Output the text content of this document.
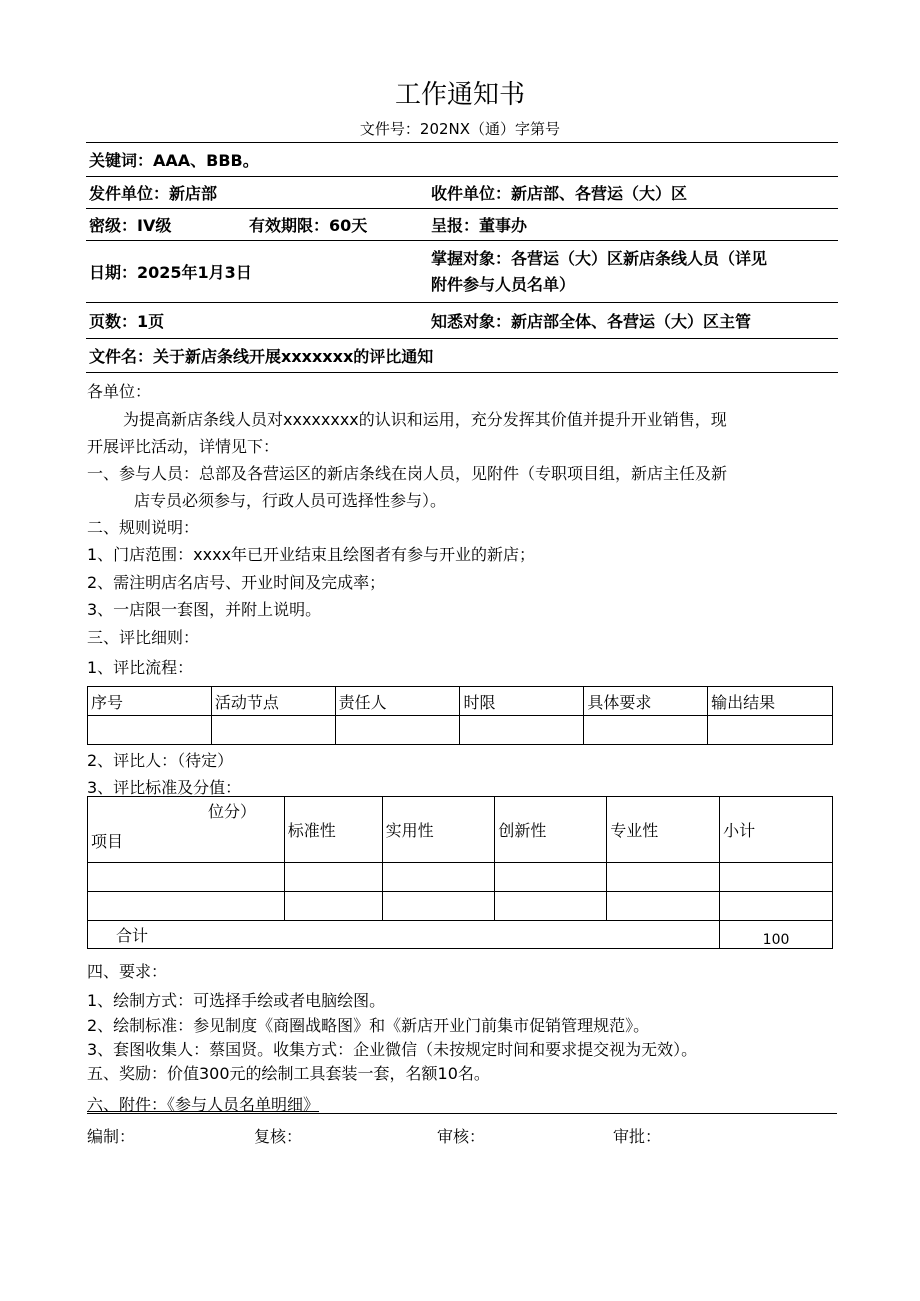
工作通知书
文件号：202NX（通）字第号
关键词：AAA、BBB。		
发件单位：新店部		收件单位：新店部、各营运（大）区
密级：IV级	有效期限：60天	呈报：董事办
日期：2025年1月3日		掌握对象：各营运（大）区新店条线人员（详见
附件参与人员名单）
页数：1页		知悉对象：新店部全体、各营运（大）区主管
文件名：关于新店条线开展xxxxxxx的评比通知		
各单位：
为提高新店条线人员对xxxxxxxx的认识和运用，充分发挥其价值并提升开业销售，现
开展评比活动，详情见下：
一、参与人员：总部及各营运区的新店条线在岗人员，见附件（专职项目组，新店主任及新
店专员必须参与，行政人员可选择性参与）。
二、规则说明：
1、门店范围：xxxx年已开业结束且绘图者有参与开业的新店；
2、需注明店名店号、开业时间及完成率；
3、一店限一套图，并附上说明。
三、评比细则：
1、评比流程：
序号	活动节点	责任人	时限	具体要求	输出结果

2、评比人：（待定）
3、评比标准及分值：
位分）
项目	标准性	实用性	创新性	专业性	小计

合计					100
四、要求：
1、绘制方式：可选择手绘或者电脑绘图。
2、绘制标准：参见制度《商圈战略图》和《新店开业门前集市促销管理规范》。
3、套图收集人：蔡国贤。收集方式：企业微信（未按规定时间和要求提交视为无效）。
五、奖励：价值300元的绘制工具套装一套，名额10名。
六、附件：《参与人员名单明细》
编制：	复核：	审核：	审批：
